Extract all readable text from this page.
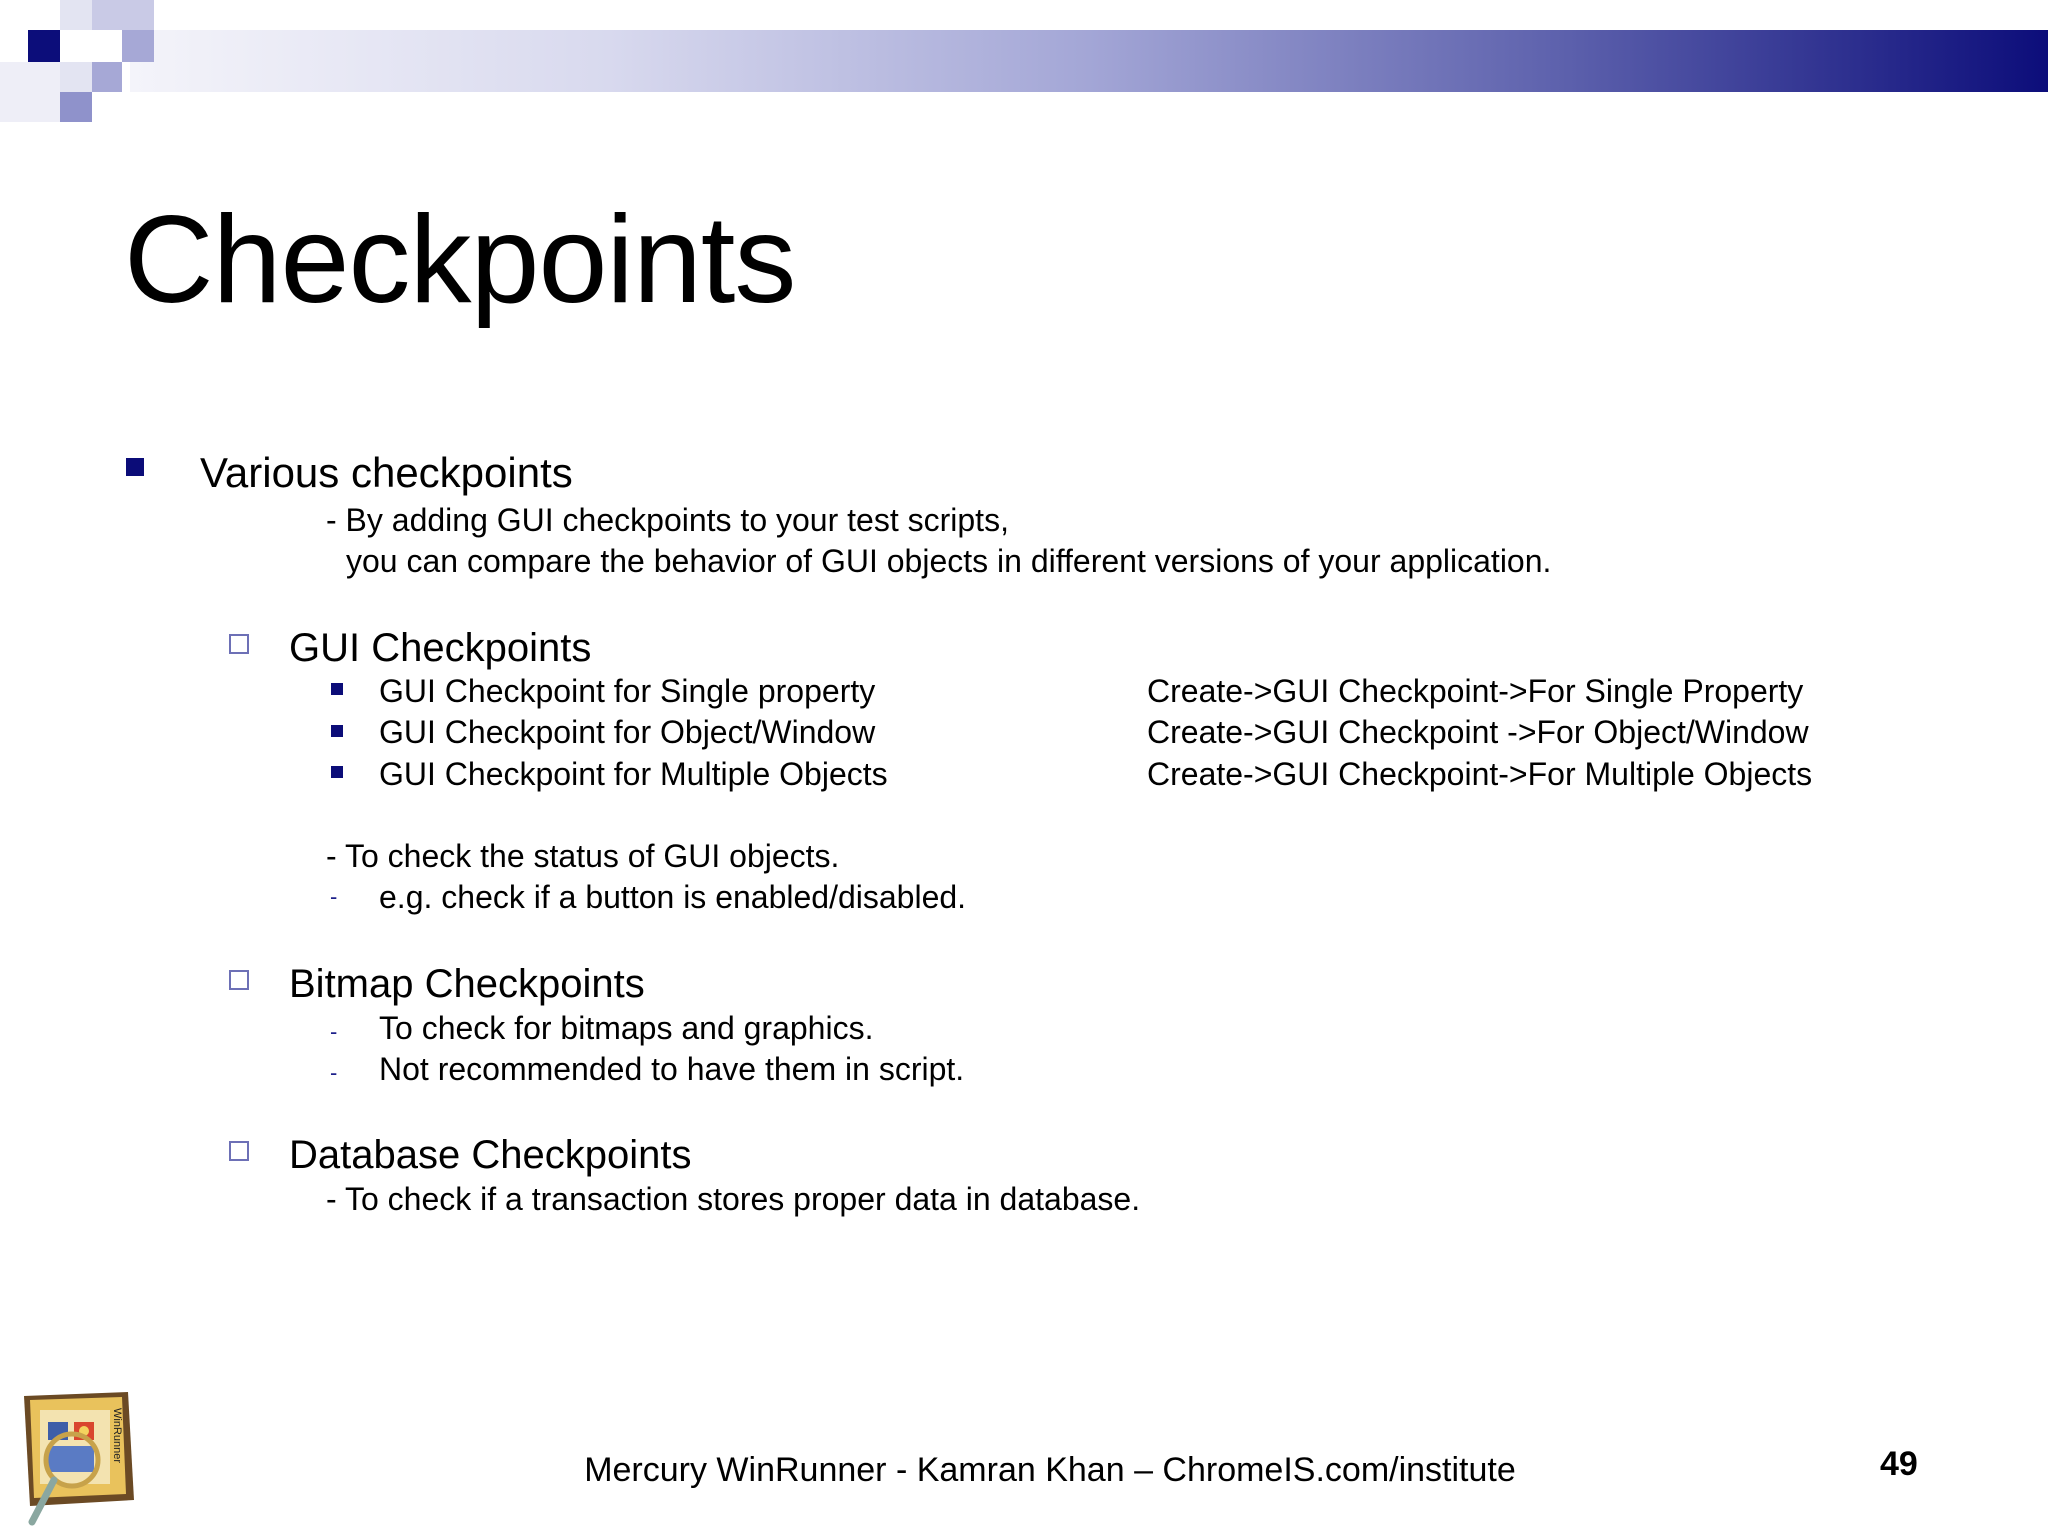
Checkpoints
Various checkpoints
- By adding GUI checkpoints to your test scripts,
you can compare the behavior of GUI objects in different versions of your application.
GUI Checkpoints
GUI Checkpoint for Single property	Create->GUI Checkpoint->For Single Property
GUI Checkpoint for Object/Window	Create->GUI Checkpoint ->For Object/Window
GUI Checkpoint for Multiple Objects	Create->GUI Checkpoint->For Multiple Objects
- To check the status of GUI objects.
- e.g. check if a button is enabled/disabled.
Bitmap Checkpoints
- To check for bitmaps and graphics.
- Not recommended to have them in script.
Database Checkpoints
- To check if a transaction stores proper data in database.
WinRunner
Mercury WinRunner - Kamran Khan – ChromeIS.com/institute	49
